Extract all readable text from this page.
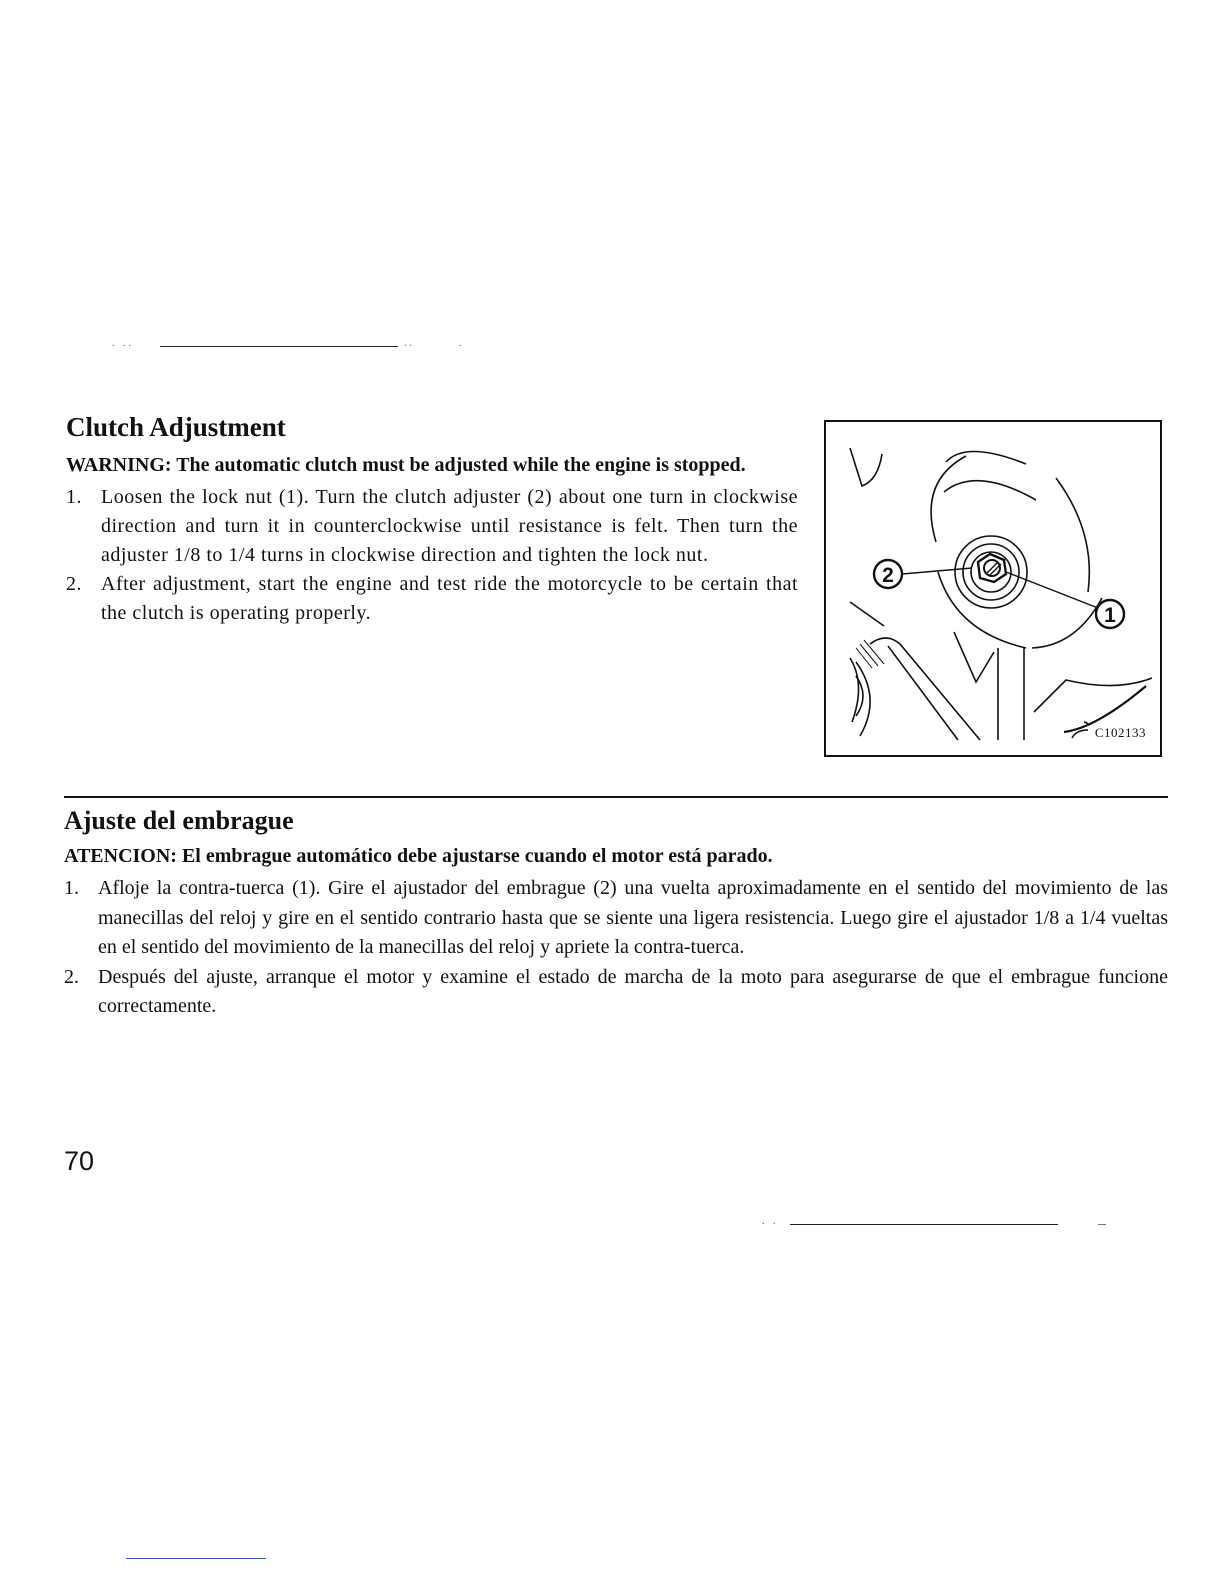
. ..	..        .
Clutch Adjustment

WARNING: The automatic clutch must be adjusted while the engine is stopped.

1. Loosen the lock nut (1). Turn the clutch adjuster (2) about one turn in clockwise direction and turn it in counterclockwise until resistance is felt. Then turn the adjuster 1/8 to 1/4 turns in clockwise direction and tighten the lock nut.
2. After adjustment, start the engine and test ride the motorcycle to be certain that the clutch is operating properly.
2
1
C102133
Ajuste del embrague

ATENCION: El embrague automático debe ajustarse cuando el motor está parado.

1. Afloje la contra-tuerca (1). Gire el ajustador del embrague (2) una vuelta aproximadamente en el sentido del movimiento de las manecillas del reloj y gire en el sentido contrario hasta que se siente una ligera resistencia. Luego gire el ajustador 1/8 a 1/4 vueltas en el sentido del movimiento de la manecillas del reloj y apriete la contra-tuerca.
2. Después del ajuste, arranque el motor y examine el estado de marcha de la moto para asegurarse de que el embrague funcione correctamente.
70
. .
